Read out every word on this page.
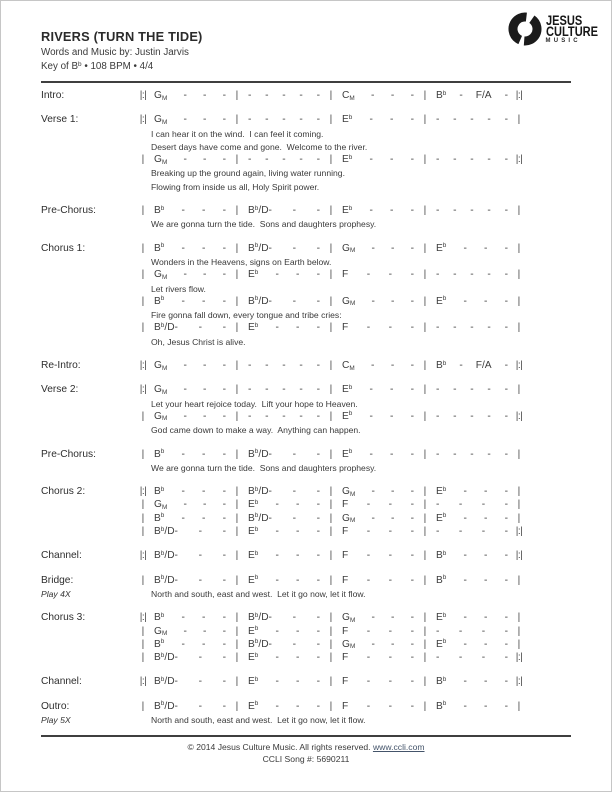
RIVERS (TURN THE TIDE)
Words and Music by: Justin Jarvis
Key of $B^b$ • 108 BPM • 4/4
JESUS
CULTURE
MUSIC
Intro:	|:| GM - - - | - - - - - | CM - - - | $B^b - F/A$ - |:|
Verse 1:	|:| GM - - - | - - - - - | $E^b$ - - - | - - - - - |
I can hear it on the wind.  I can feel it coming.
Desert days have come and gone.  Welcome to the river.
| GM - - - | - - - - - | $E^b$ - - - | - - - - - |:|
Breaking up the ground again, living water running.
Flowing from inside us all, Holy Spirit power.
Pre-Chorus:	| $B^b$ - - - | $B^b/D-$ - - | $E^b$ - - - | - - - - - |
We are gonna turn the tide.  Sons and daughters prophesy.
Chorus 1:	| $B^b$ - - - | $B^b/D-$ - - | GM - - - | $E^b$ - - - |
Wonders in the Heavens, signs on Earth below.
| GM - - - | $E^b$ - - - | F - - - | - - - - - |
Let rivers flow.
| $B^b$ - - - | $B^b/D-$ - - | GM - - - | $E^b$ - - - |
Fire gonna fall down, every tongue and tribe cries:
| $B^b/D-$ - - | $E^b$ - - - | F - - - | - - - - - |
Oh, Jesus Christ is alive.
Re-Intro:	|:| GM - - - | - - - - - | CM - - - | $B^b - F/A$ - |:|
Verse 2:	|:| GM - - - | - - - - - | $E^b$ - - - | - - - - - |
Let your heart rejoice today.  Lift your hope to Heaven.
| GM - - - | - - - - - | $E^b$ - - - | - - - - - |:|
God came down to make a way.  Anything can happen.
Pre-Chorus:	| $B^b$ - - - | $B^b/D-$ - - | $E^b$ - - - | - - - - - |
We are gonna turn the tide.  Sons and daughters prophesy.
Chorus 2:	|:| $B^b$ - - - | $B^b/D-$ - - | GM - - - | $E^b$ - - - |
| GM - - - | $E^b$ - - - | F - - - | - - - - |
| $B^b$ - - - | $B^b/D-$ - - | GM - - - | $E^b$ - - - |
| $B^b/D-$ - - | $E^b$ - - - | F - - - | - - - - |:|
Channel:	|:| $B^b/D-$ - - | $E^b$ - - - | F - - - | $B^b$ - - - |:|
Bridge:	| $B^b/D-$ - - | $E^b$ - - - | F - - - | $B^b$ - - - |
Play 4X	North and south, east and west.  Let it go now, let it flow.
Chorus 3:	|:| $B^b$ - - - | $B^b/D-$ - - | GM - - - | $E^b$ - - - |
| GM - - - | $E^b$ - - - | F - - - | - - - - |
| $B^b$ - - - | $B^b/D-$ - - | GM - - - | $E^b$ - - - |
| $B^b/D-$ - - | $E^b$ - - - | F - - - | - - - - |:|
Channel:	|:| $B^b/D-$ - - | $E^b$ - - - | F - - - | $B^b$ - - - |:|
Outro:	| $B^b/D-$ - - | $E^b$ - - - | F - - - | $B^b$ - - - |
Play 5X	North and south, east and west.  Let it go now, let it flow.
© 2014 Jesus Culture Music. All rights reserved. www.ccli.com
CCLI Song #: 5690211
